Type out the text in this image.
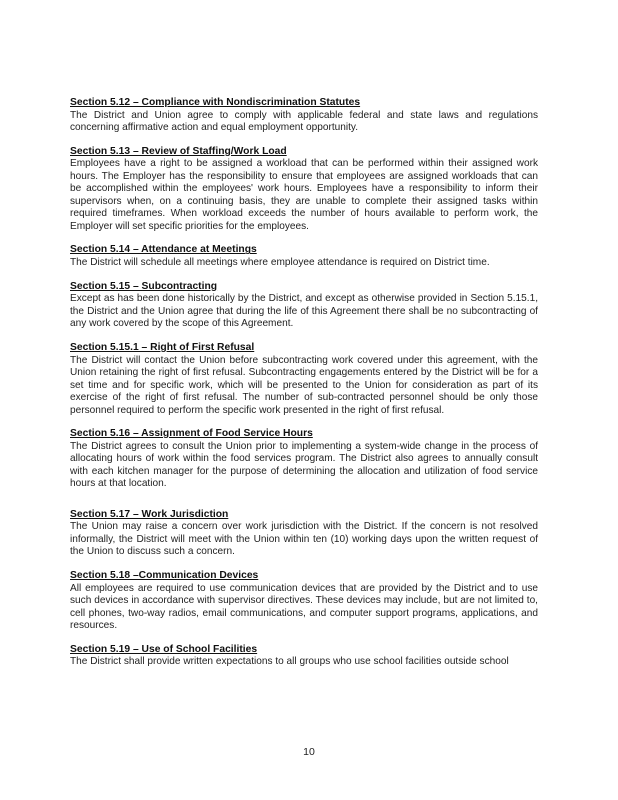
Section 5.12 – Compliance with Nondiscrimination Statutes
The District and Union agree to comply with applicable federal and state laws and regulations concerning affirmative action and equal employment opportunity.
Section 5.13 – Review of Staffing/Work Load
Employees have a right to be assigned a workload that can be performed within their assigned work hours. The Employer has the responsibility to ensure that employees are assigned workloads that can be accomplished within the employees' work hours. Employees have a responsibility to inform their supervisors when, on a continuing basis, they are unable to complete their assigned tasks within required timeframes. When workload exceeds the number of hours available to perform work, the Employer will set specific priorities for the employees.
Section 5.14 – Attendance at Meetings
The District will schedule all meetings where employee attendance is required on District time.
Section 5.15 – Subcontracting
Except as has been done historically by the District, and except as otherwise provided in Section 5.15.1, the District and the Union agree that during the life of this Agreement there shall be no subcontracting of any work covered by the scope of this Agreement.
Section 5.15.1 – Right of First Refusal
The District will contact the Union before subcontracting work covered under this agreement, with the Union retaining the right of first refusal. Subcontracting engagements entered by the District will be for a set time and for specific work, which will be presented to the Union for consideration as part of its exercise of the right of first refusal. The number of sub-contracted personnel should be only those personnel required to perform the specific work presented in the right of first refusal.
Section 5.16 – Assignment of Food Service Hours
The District agrees to consult the Union prior to implementing a system-wide change in the process of allocating hours of work within the food services program. The District also agrees to annually consult with each kitchen manager for the purpose of determining the allocation and utilization of food service hours at that location.
Section 5.17 – Work Jurisdiction
The Union may raise a concern over work jurisdiction with the District. If the concern is not resolved informally, the District will meet with the Union within ten (10) working days upon the written request of the Union to discuss such a concern.
Section 5.18 –Communication Devices
All employees are required to use communication devices that are provided by the District and to use such devices in accordance with supervisor directives. These devices may include, but are not limited to, cell phones, two-way radios, email communications, and computer support programs, applications, and resources.
Section 5.19 – Use of School Facilities
The District shall provide written expectations to all groups who use school facilities outside school
10
